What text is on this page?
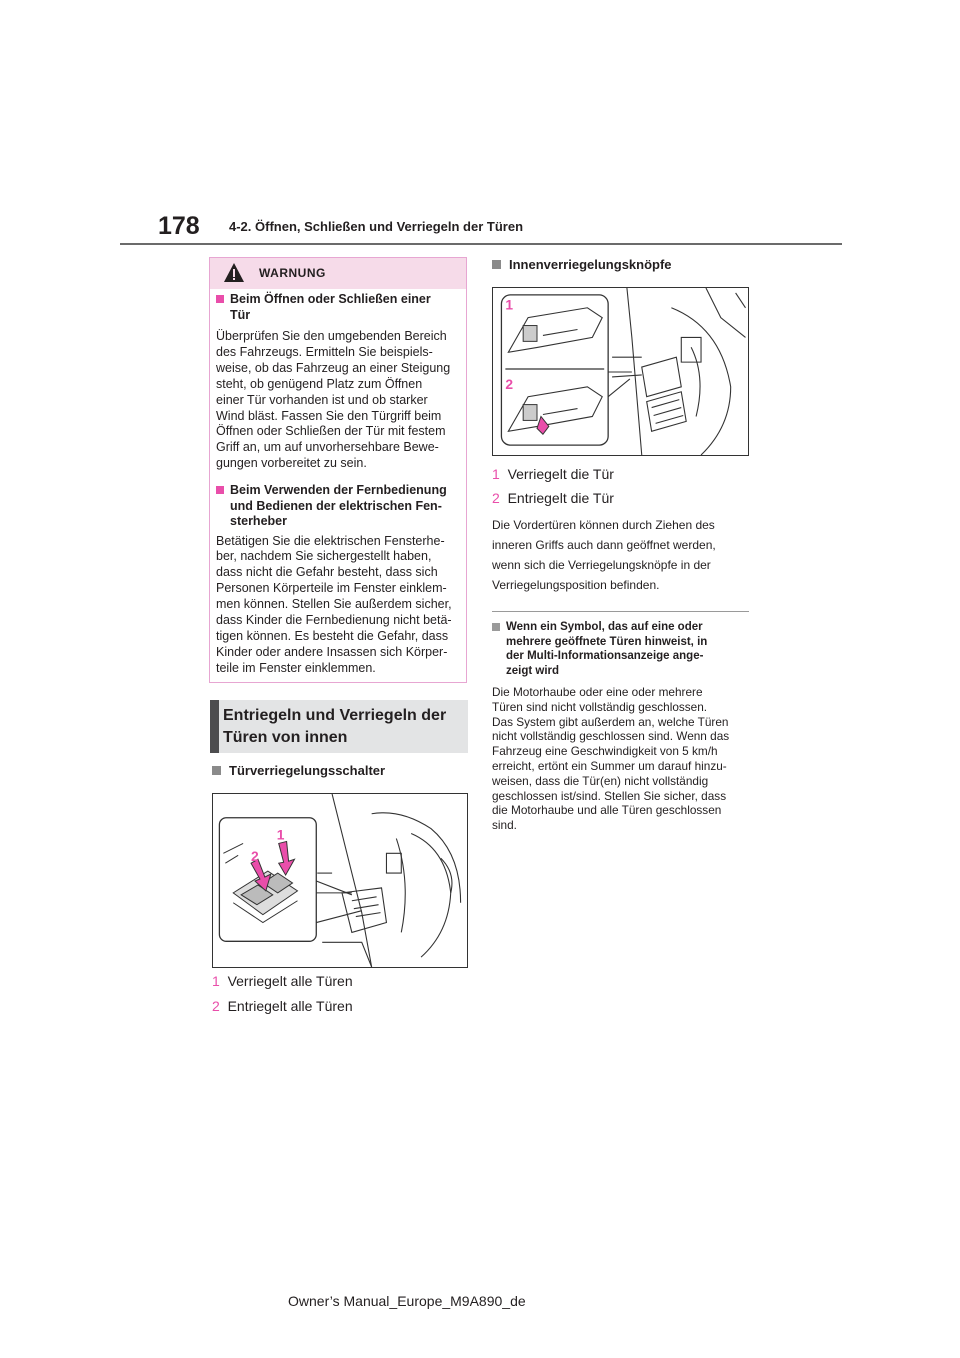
178 4-2. Öffnen, Schließen und Verriegeln der Türen
WARNUNG
Beim Öffnen oder Schließen einer Tür
Überprüfen Sie den umgebenden Bereich
des Fahrzeugs. Ermitteln Sie beispiels-
weise, ob das Fahrzeug an einer Steigung
steht, ob genügend Platz zum Öffnen
einer Tür vorhanden ist und ob starker
Wind bläst. Fassen Sie den Türgriff beim
Öffnen oder Schließen der Tür mit festem
Griff an, um auf unvorhersehbare Bewe-
gungen vorbereitet zu sein.
Beim Verwenden der Fernbedienung und Bedienen der elektrischen Fen-sterheber
Betätigen Sie die elektrischen Fensterhe-
ber, nachdem Sie sichergestellt haben,
dass nicht die Gefahr besteht, dass sich
Personen Körperteile im Fenster einklem-
men können. Stellen Sie außerdem sicher,
dass Kinder die Fernbedienung nicht betä-
tigen können. Es besteht die Gefahr, dass
Kinder oder andere Insassen sich Körper-
teile im Fenster einklemmen.
Entriegeln und Verriegeln der
Türen von innen
Türverriegelungsschalter
1
2
1 Verriegelt alle Türen
2 Entriegelt alle Türen
Innenverriegelungsknöpfe
1
2
1 Verriegelt die Tür
2 Entriegelt die Tür
Die Vordertüren können durch Ziehen des
inneren Griffs auch dann geöffnet werden,
wenn sich die Verriegelungsknöpfe in der
Verriegelungsposition befinden.
Wenn ein Symbol, das auf eine oder
mehrere geöffnete Türen hinweist, in
der Multi-Informationsanzeige ange-
zeigt wird
Die Motorhaube oder eine oder mehrere
Türen sind nicht vollständig geschlossen.
Das System gibt außerdem an, welche Türen
nicht vollständig geschlossen sind. Wenn das
Fahrzeug eine Geschwindigkeit von 5 km/h
erreicht, ertönt ein Summer um darauf hinzu-
weisen, dass die Tür(en) nicht vollständig
geschlossen ist/sind. Stellen Sie sicher, dass
die Motorhaube und alle Türen geschlossen
sind.
Owner’s Manual_Europe_M9A890_de
